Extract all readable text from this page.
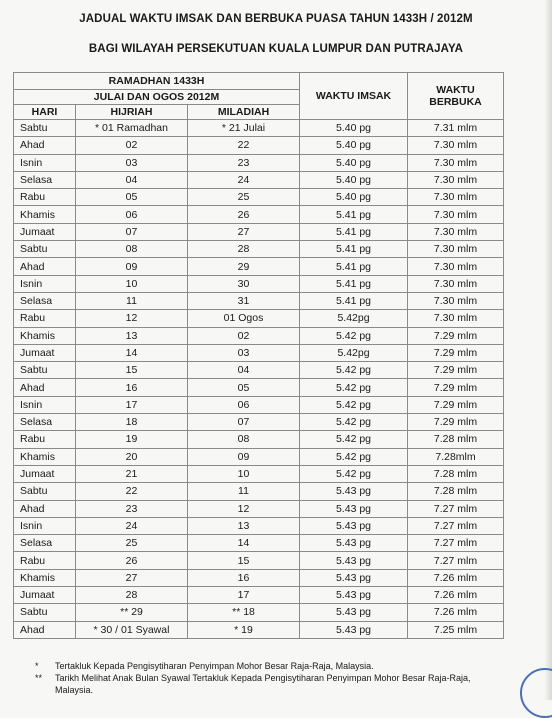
JADUAL WAKTU IMSAK DAN BERBUKA PUASA TAHUN 1433H / 2012M
BAGI WILAYAH PERSEKUTUAN KUALA LUMPUR DAN PUTRAJAYA
RAMADHAN 1433H			WAKTU IMSAK	WAKTU
BERBUKA

JULAI DAN OGOS 2012M				
HARI	HIJRIAH	MILADIAH		
Sabtu	* 01 Ramadhan	* 21 Julai	5.40 pg	7.31 mlm
Ahad	02	22	5.40 pg	7.30 mlm
Isnin	03	23	5.40 pg	7.30 mlm
Selasa	04	24	5.40 pg	7.30 mlm
Rabu	05	25	5.40 pg	7.30 mlm
Khamis	06	26	5.41 pg	7.30 mlm
Jumaat	07	27	5.41 pg	7.30 mlm
Sabtu	08	28	5.41 pg	7.30 mlm
Ahad	09	29	5.41 pg	7.30 mlm
Isnin	10	30	5.41 pg	7.30 mlm
Selasa	11	31	5.41 pg	7.30 mlm
Rabu	12	01 Ogos	5.42pg	7.30 mlm
Khamis	13	02	5.42 pg	7.29 mlm
Jumaat	14	03	5.42pg	7.29 mlm
Sabtu	15	04	5.42 pg	7.29 mlm
Ahad	16	05	5.42 pg	7.29 mlm
Isnin	17	06	5.42 pg	7.29 mlm
Selasa	18	07	5.42 pg	7.29 mlm
Rabu	19	08	5.42 pg	7.28 mlm
Khamis	20	09	5.42 pg	7.28mlm
Jumaat	21	10	5.42 pg	7.28 mlm
Sabtu	22	11	5.43 pg	7.28 mlm
Ahad	23	12	5.43 pg	7.27 mlm
Isnin	24	13	5.43 pg	7.27 mlm
Selasa	25	14	5.43 pg	7.27 mlm
Rabu	26	15	5.43 pg	7.27 mlm
Khamis	27	16	5.43 pg	7.26 mlm
Jumaat	28	17	5.43 pg	7.26 mlm
Sabtu	** 29	** 18	5.43 pg	7.26 mlm
Ahad	* 30 / 01 Syawal	* 19	5.43 pg	7.25 mlm
* Tertakluk Kepada Pengisytiharan Penyimpan Mohor Besar Raja-Raja, Malaysia.
** Tarikh Melihat Anak Bulan Syawal Tertakluk Kepada Pengisytiharan Penyimpan Mohor Besar Raja-Raja, Malaysia.
